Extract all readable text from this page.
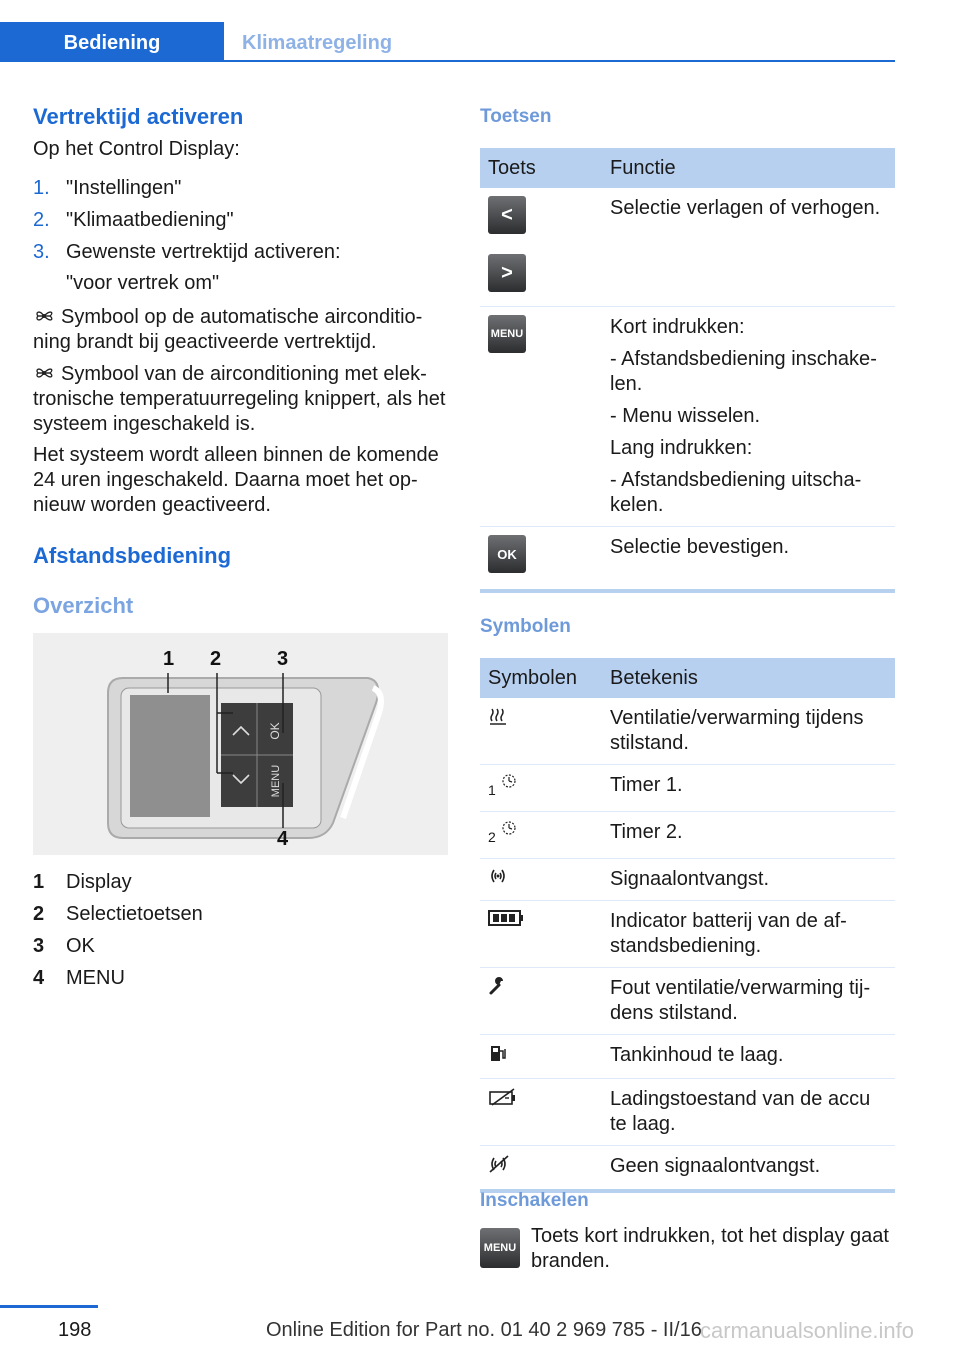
Bediening	Klimaatregeling
Vertrektijd activeren
Op het Control Display:
1. "Instellingen"
2. "Klimaatbediening"
3. Gewenste vertrektijd activeren:
"voor vertrek om"
Symbool op de automatische airconditioning brandt bij geactiveerde vertrektijd.
Symbool van de airconditioning met elektronische temperatuurregeling knippert, als het systeem ingeschakeld is.
Het systeem wordt alleen binnen de komende 24 uren ingeschakeld. Daarna moet het opnieuw worden geactiveerd.
Afstandsbediening
Overzicht
OK
MENU
1 2	3
4
1	Display
2	Selectietoetsen
3	OK
4	MENU
Toetsen
Toets	Functie

<
>	Selectie verlagen of verhogen.

MENU	Kort indrukken:

- Afstandsbediening inschakelen.

- Menu wisselen.

Lang indrukken:

- Afstandsbediening uitschakelen.

OK	Selectie bevestigen.
Symbolen
Symbolen	Betekenis
	Ventilatie/verwarming tijdens stilstand.
1	Timer 1.
2	Timer 2.
	Signaalontvangst.
	Indicator batterij van de afstandsbediening.
	Fout ventilatie/verwarming tijdens stilstand.
	Tankinhoud te laag.
	Ladingstoestand van de accu te laag.
	Geen signaalontvangst.
Inschakelen
MENU
Toets kort indrukken, tot het display gaat branden.
198	Online Edition for Part no. 01 40 2 969 785 - II/16
carmanualsonline.info
